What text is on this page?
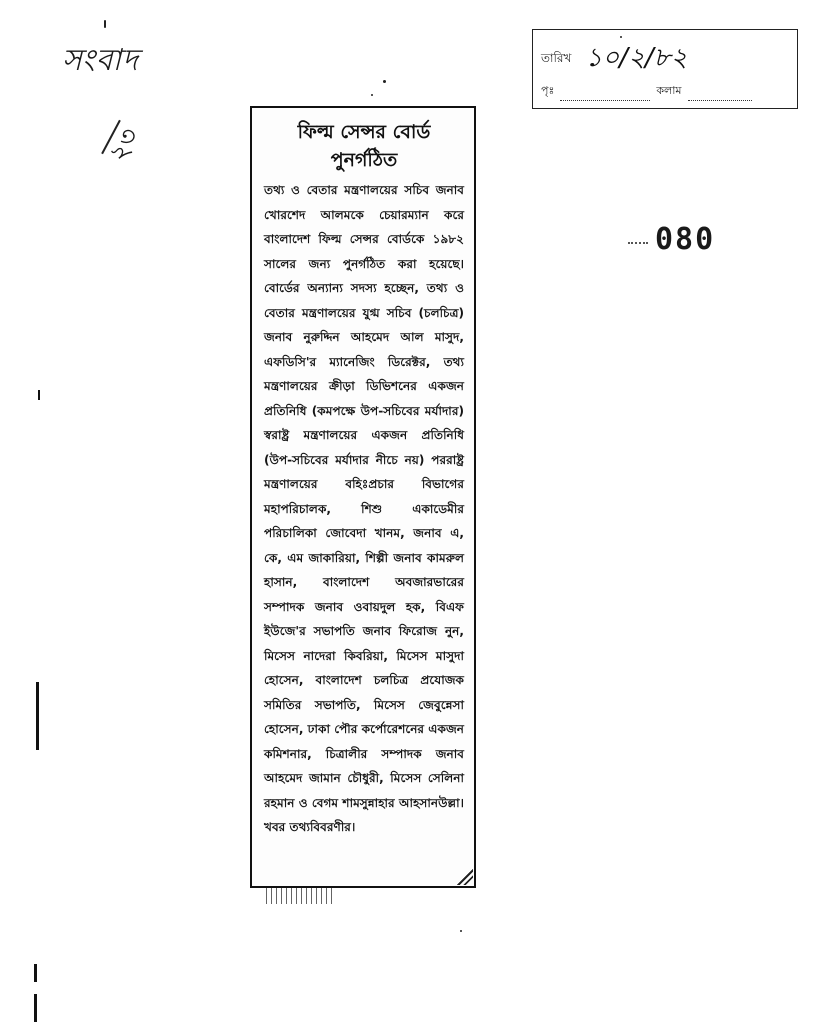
সংবাদ
২৩
তারিখ ১০/২/৮২
পৃঃ	কলাম
080
ফিল্ম সেন্সর বোর্ড
পুনর্গঠিত
তথ্য ও বেতার মন্ত্রণালয়ের সচিব জনাব খোরশেদ আলমকে চেয়ারম্যান করে বাংলাদেশ ফিল্ম সেন্সর বোর্ডকে ১৯৮২ সালের জন্য পুনর্গঠিত করা হয়েছে। বোর্ডের অন্যান্য সদস্য হচ্ছেন, তথ্য ও বেতার মন্ত্রণালয়ের যুগ্ম সচিব (চলচিত্র) জনাব নুরুদ্দিন আহমেদ আল মাসুদ, এফডিসি'র ম্যানেজিং ডিরেক্টর, তথ্য মন্ত্রণালয়ের ক্রীড়া ডিভিশনের একজন প্রতিনিধি (কমপক্ষে উপ-সচিবের মর্যাদার) স্বরাষ্ট্র মন্ত্রণালয়ের একজন প্রতিনিধি (উপ-সচিবের মর্যাদার নীচে নয়) পররাষ্ট্র মন্ত্রণালয়ের বহিঃপ্রচার বিভাগের মহাপরিচালক, শিশু একাডেমীর পরিচালিকা জোবেদা খানম, জনাব এ, কে, এম জাকারিয়া, শিল্পী জনাব কামরুল হাসান, বাংলাদেশ অবজারভারের সম্পাদক জনাব ওবায়দুল হক, বিএফ ইউজে'র সভাপতি জনাব ফিরোজ নুন, মিসেস নাদেরা কিবরিয়া, মিসেস মাসুদা হোসেন, বাংলাদেশ চলচিত্র প্রযোজক সমিতির সভাপতি, মিসেস জেবুন্নেসা হোসেন, ঢাকা পৌর কর্পোরেশনের একজন কমিশনার, চিত্রালীর সম্পাদক জনাব আহমেদ জামান চৌধুরী, মিসেস সেলিনা রহমান ও বেগম শামসুন্নাহার আহসানউল্লা। খবর তথ্যবিবরণীর।
